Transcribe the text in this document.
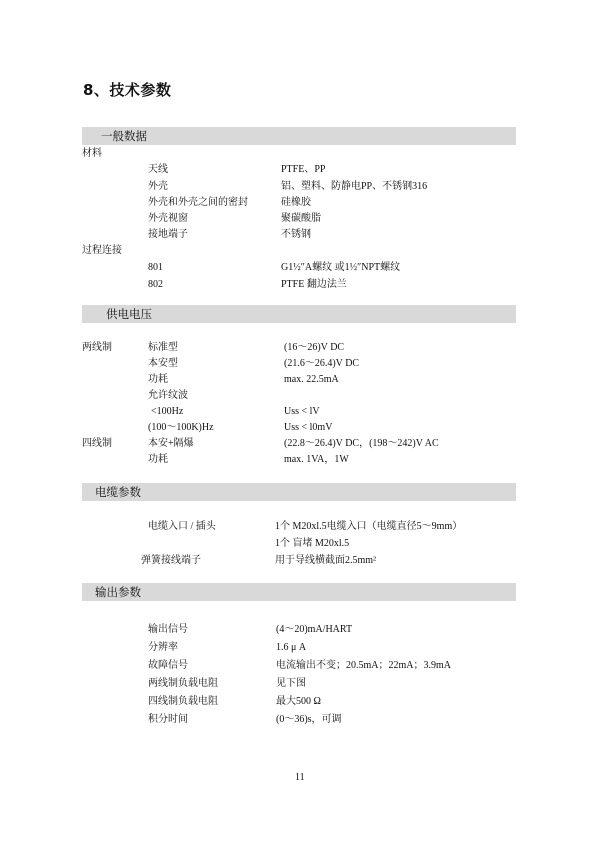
8、技术参数
一般数据
材料
天线	PTFE、PP
外壳	铝、塑料、防静电PP、不锈钢316
外壳和外壳之间的密封	硅橡胶
外壳视窗	聚碳酸脂
接地端子	不锈钢
过程连接
801	G1½″A螺纹 或1½″NPT螺纹
802	PTFE 翻边法兰
供电电压
两线制	标准型	(16～26)V DC
本安型	(21.6～26.4)V DC
功耗	max. 22.5mA
允许纹波
<100Hz	Uss < lV
(100～100K)Hz	Uss < l0mV
四线制	本安+隔爆	(22.8～26.4)V DC，(198～242)V AC
功耗	max. 1VA，1W
电缆参数
电缆入口 / 插头	1个 M20xl.5电缆入口（电缆直径5～9mm）
1个 盲堵 M20xl.5
弹簧接线端子	用于导线横截面2.5mm²
输出参数
输出信号	(4～20)mA/HART
分辨率	1.6 μ A
故障信号	电流输出不变；20.5mA；22mA；3.9mA
两线制负载电阻	见下图
四线制负载电阻	最大500 Ω
积分时间	(0～36)s，可调
11
